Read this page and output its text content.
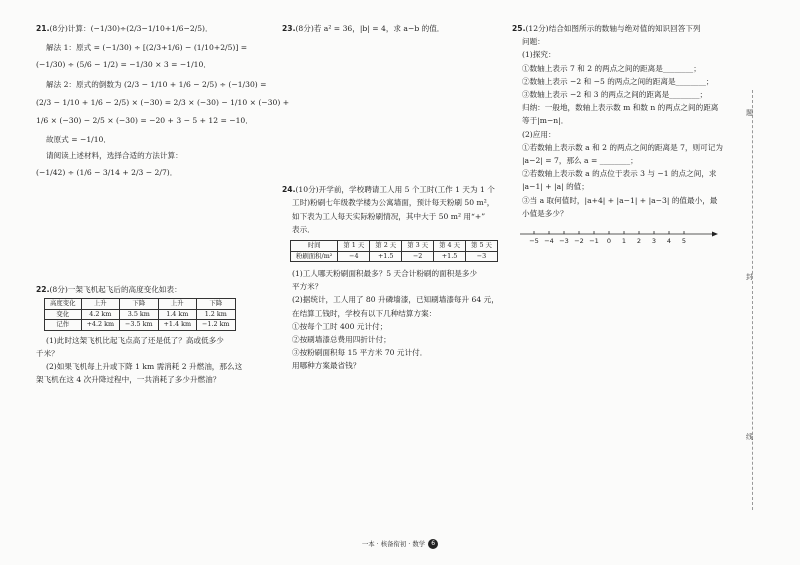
21.(8分)计算：(−1/30)÷(2/3−1/10+1/6−2/5)．
解法 1：原式 = (−1/30) ÷ [(2/3+1/6) − (1/10+2/5)] =
(−1/30) ÷ (5/6 − 1/2) = −1/30 × 3 = −1/10．
解法 2：原式的倒数为 (2/3 − 1/10 + 1/6 − 2/5) ÷ (−1/30) =
(2/3 − 1/10 + 1/6 − 2/5) × (−30) = 2/3 × (−30) − 1/10 × (−30) +
1/6 × (−30) − 2/5 × (−30) = −20 + 3 − 5 + 12 = −10．
故原式 = −1/10．
请阅读上述材料，选择合适的方法计算：
(−1/42) ÷ (1/6 − 3/14 + 2/3 − 2/7)．
22.(8分)一架飞机起飞后的高度变化如表：
高度变化	上升	下降	上升	下降
变化	4.2 km	3.5 km	1.4 km	1.2 km
记作	+4.2 km	−3.5 km	+1.4 km	−1.2 km
(1)此时这架飞机比起飞点高了还是低了？高或低多少
千米？
(2)如果飞机每上升或下降 1 km 需消耗 2 升燃油，那么这
架飞机在这 4 次升降过程中，一共消耗了多少升燃油？
23.(8分)若 a² = 36，|b| = 4，求 a−b 的值．
24.(10分)开学前，学校聘请工人用 5 个工时(工作 1 天为 1 个
工时)粉刷七年级教学楼为公寓墙面，预计每天粉刷 50 m²，
如下表为工人每天实际粉刷情况，其中大于 50 m² 用“+”
表示．
时间	第 1 天	第 2 天	第 3 天	第 4 天	第 5 天
粉刷面积/m²	−4	+1.5	−2	+1.5	−3
(1)工人哪天粉刷面积最多？5 天合计粉刷的面积是多少
平方米？
(2)据统计，工人用了 80 升磷墙漆，已知刷墙漆每升 64 元，
在结算工钱时，学校有以下几种结算方案：
①按每个工时 400 元计付；
②按刷墙漆总费用四折计付；
③按粉刷面积每 15 平方米 70 元计付．
用哪种方案最省钱？
25.(12分)结合如图所示的数轴与绝对值的知识回答下列
问题：
(1)探究：
①数轴上表示 7 和 2 的两点之间的距离是________；
②数轴上表示 −2 和 −5 的两点之间的距离是________；
③数轴上表示 −2 和 3 的两点之间的距离是________；
归纳：一般地，数轴上表示数 m 和数 n 的两点之间的距离
等于|m−n|．
(2)应用：
①若数轴上表示数 a 和 2 的两点之间的距离是 7，则可记为
|a−2| = 7，那么 a = ________；
②若数轴上表示数 a 的点位于表示 3 与 −1 的点之间，求
|a−1| + |a| 的值；
③当 a 取何值时，|a+4| + |a−1| + |a−3| 的值最小，最
小值是多少？
−5 −4 −3 −2 −1 0 1 2 3 4 5
题
封
线
一本 · 核备衔初 · 数学 6
